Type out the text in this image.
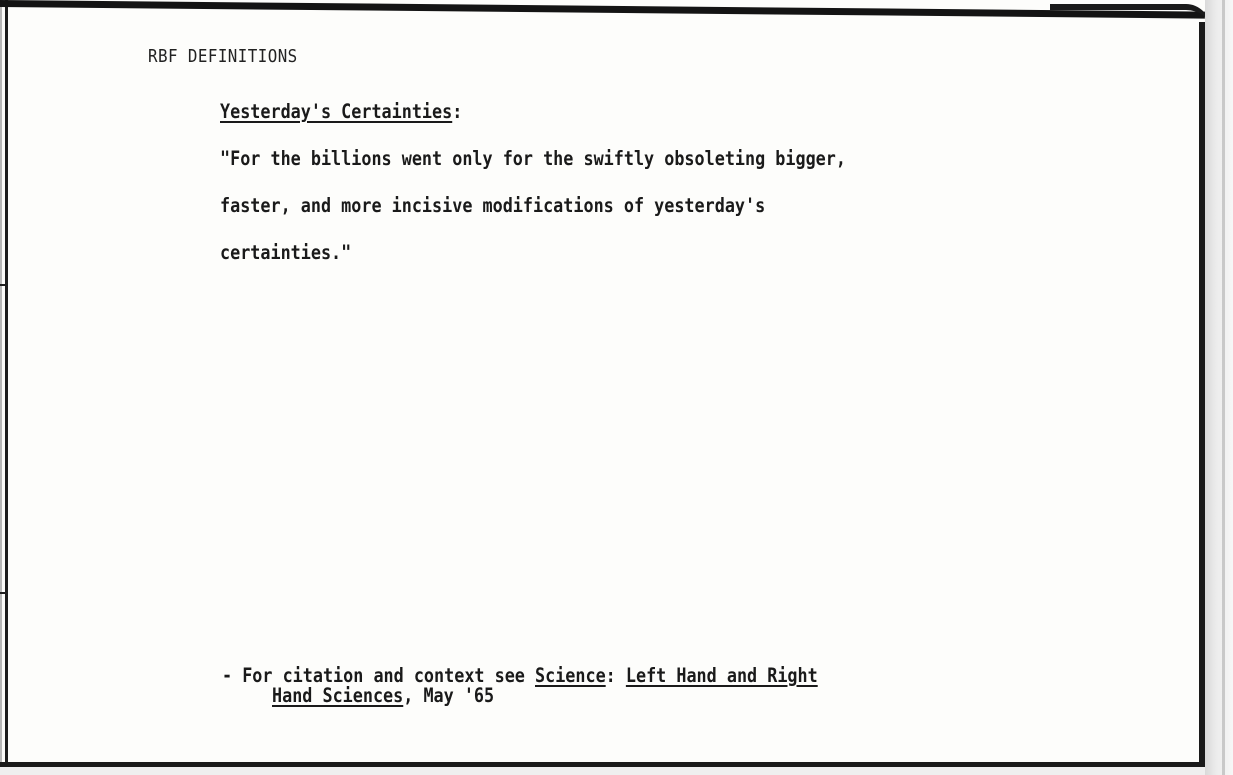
RBF DEFINITIONS

Yesterday's Certainties:

"For the billions went only for the swiftly obsoleting bigger,

faster, and more incisive modifications of yesterday's

certainties."

- For citation and context see Science: Left Hand and Right

Hand Sciences, May '65
